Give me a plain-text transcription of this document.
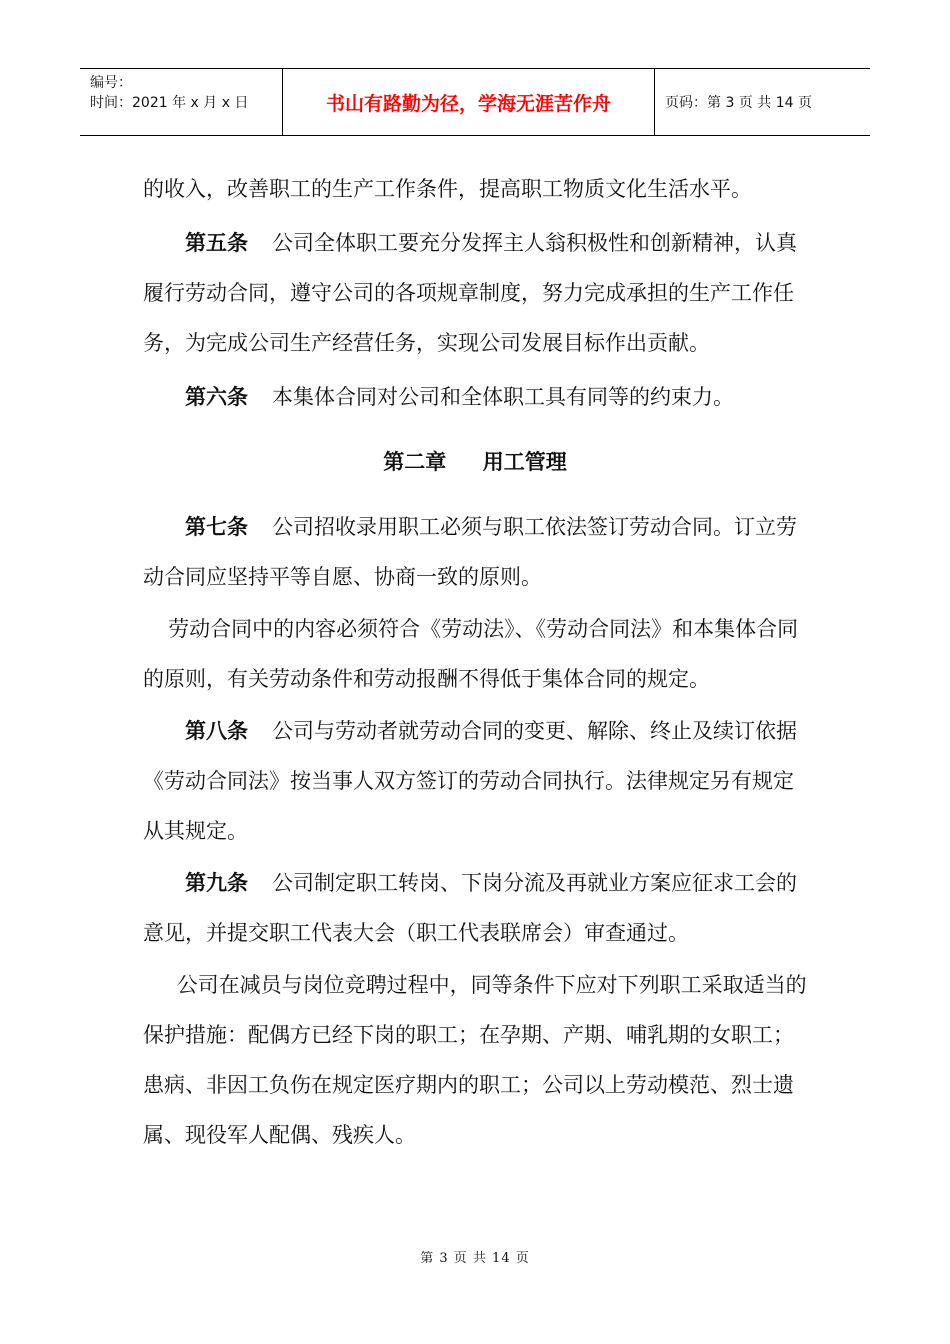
编号：
时间：2021 年 x 月 x 日	书山有路勤为径，学海无涯苦作舟	页码：第 3 页 共 14 页

的收入，改善职工的生产工作条件，提高职工物质文化生活水平。

第五条 公司全体职工要充分发挥主人翁积极性和创新精神，认真履行劳动合同，遵守公司的各项规章制度，努力完成承担的生产工作任务，为完成公司生产经营任务，实现公司发展目标作出贡献。

第六条 本集体合同对公司和全体职工具有同等的约束力。

第二章     用工管理

第七条 公司招收录用职工必须与职工依法签订劳动合同。订立劳动合同应坚持平等自愿、协商一致的原则。

劳动合同中的内容必须符合《劳动法》、《劳动合同法》和本集体合同的原则，有关劳动条件和劳动报酬不得低于集体合同的规定。

第八条 公司与劳动者就劳动合同的变更、解除、终止及续订依据《劳动合同法》按当事人双方签订的劳动合同执行。法律规定另有规定从其规定。

第九条 公司制定职工转岗、下岗分流及再就业方案应征求工会的意见，并提交职工代表大会（职工代表联席会）审查通过。

公司在减员与岗位竞聘过程中，同等条件下应对下列职工采取适当的保护措施：配偶方已经下岗的职工；在孕期、产期、哺乳期的女职工；患病、非因工负伤在规定医疗期内的职工；公司以上劳动模范、烈士遗属、现役军人配偶、残疾人。

第 3 页 共 14 页
